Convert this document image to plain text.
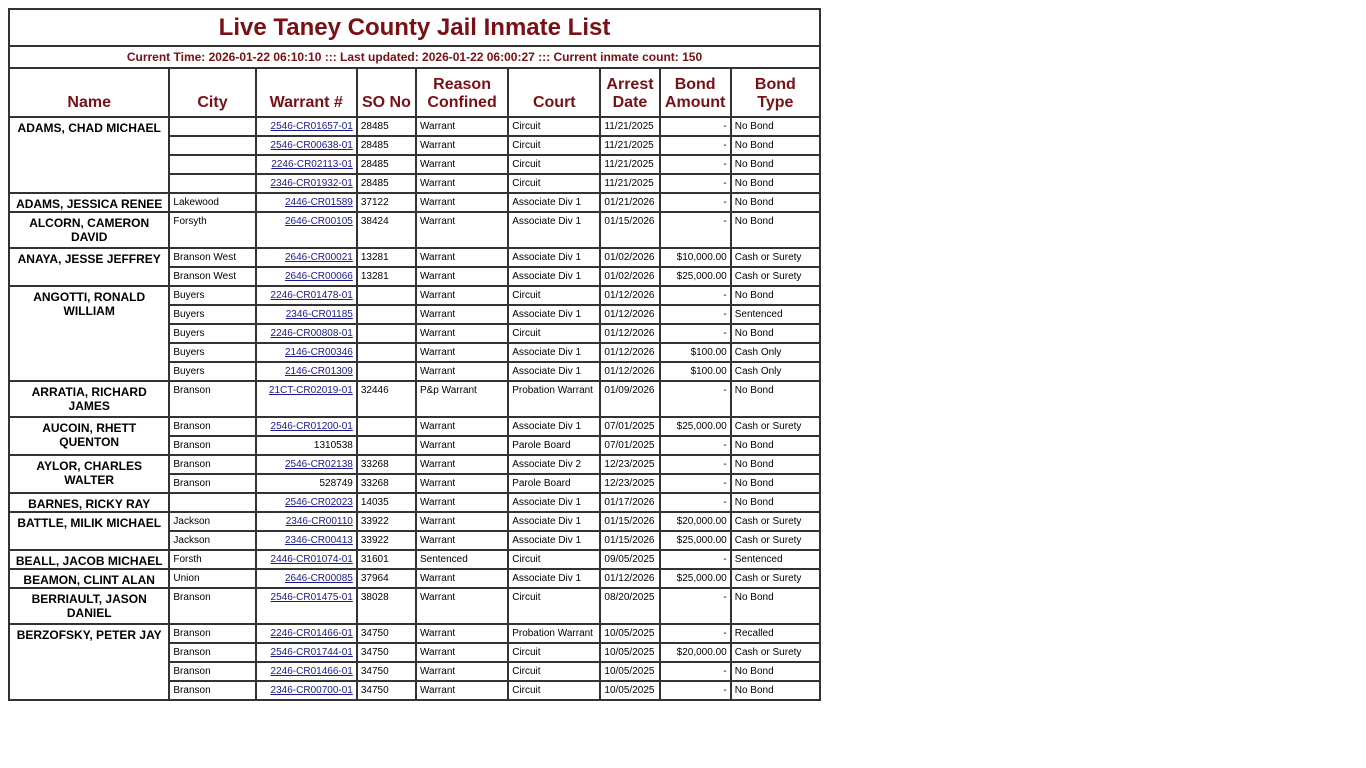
Live Taney County Jail Inmate List								
Current Time: 2026-01-22 06:10:10 ::: Last updated: 2026-01-22 06:00:27 ::: Current inmate count: 150								
Name	City	Warrant #	SO No	Reason Confined	Court	Arrest Date	Bond Amount	Bond Type
ADAMS, CHAD MICHAEL		2546-CR01657-01	28485	Warrant	Circuit	11/21/2025	-	No Bond
		2546-CR00638-01	28485	Warrant	Circuit	11/21/2025	-	No Bond
		2246-CR02113-01	28485	Warrant	Circuit	11/21/2025	-	No Bond
		2346-CR01932-01	28485	Warrant	Circuit	11/21/2025	-	No Bond
ADAMS, JESSICA RENEE	Lakewood	2446-CR01589	37122	Warrant	Associate Div 1	01/21/2026	-	No Bond
ALCORN, CAMERON DAVID	Forsyth	2646-CR00105	38424	Warrant	Associate Div 1	01/15/2026	-	No Bond
ANAYA, JESSE JEFFREY	Branson West	2646-CR00021	13281	Warrant	Associate Div 1	01/02/2026	$10,000.00	Cash or Surety
	Branson West	2646-CR00066	13281	Warrant	Associate Div 1	01/02/2026	$25,000.00	Cash or Surety
ANGOTTI, RONALD WILLIAM	Buyers	2246-CR01478-01		Warrant	Circuit	01/12/2026	-	No Bond
	Buyers	2346-CR01185		Warrant	Associate Div 1	01/12/2026	-	Sentenced
	Buyers	2246-CR00808-01		Warrant	Circuit	01/12/2026	-	No Bond
	Buyers	2146-CR00346		Warrant	Associate Div 1	01/12/2026	$100.00	Cash Only
	Buyers	2146-CR01309		Warrant	Associate Div 1	01/12/2026	$100.00	Cash Only
ARRATIA, RICHARD JAMES	Branson	21CT-CR02019-01	32446	P&p Warrant	Probation Warrant	01/09/2026	-	No Bond
AUCOIN, RHETT QUENTON	Branson	2546-CR01200-01		Warrant	Associate Div 1	07/01/2025	$25,000.00	Cash or Surety
	Branson	1310538		Warrant	Parole Board	07/01/2025	-	No Bond
AYLOR, CHARLES WALTER	Branson	2546-CR02138	33268	Warrant	Associate Div 2	12/23/2025	-	No Bond
	Branson	528749	33268	Warrant	Parole Board	12/23/2025	-	No Bond
BARNES, RICKY RAY		2546-CR02023	14035	Warrant	Associate Div 1	01/17/2026	-	No Bond
BATTLE, MILIK MICHAEL	Jackson	2346-CR00110	33922	Warrant	Associate Div 1	01/15/2026	$20,000.00	Cash or Surety
	Jackson	2346-CR00413	33922	Warrant	Associate Div 1	01/15/2026	$25,000.00	Cash or Surety
BEALL, JACOB MICHAEL	Forsth	2446-CR01074-01	31601	Sentenced	Circuit	09/05/2025	-	Sentenced
BEAMON, CLINT ALAN	Union	2646-CR00085	37964	Warrant	Associate Div 1	01/12/2026	$25,000.00	Cash or Surety
BERRIAULT, JASON DANIEL	Branson	2546-CR01475-01	38028	Warrant	Circuit	08/20/2025	-	No Bond
BERZOFSKY, PETER JAY	Branson	2246-CR01466-01	34750	Warrant	Probation Warrant	10/05/2025	-	Recalled
	Branson	2546-CR01744-01	34750	Warrant	Circuit	10/05/2025	$20,000.00	Cash or Surety
	Branson	2246-CR01466-01	34750	Warrant	Circuit	10/05/2025	-	No Bond
	Branson	2346-CR00700-01	34750	Warrant	Circuit	10/05/2025	-	No Bond
